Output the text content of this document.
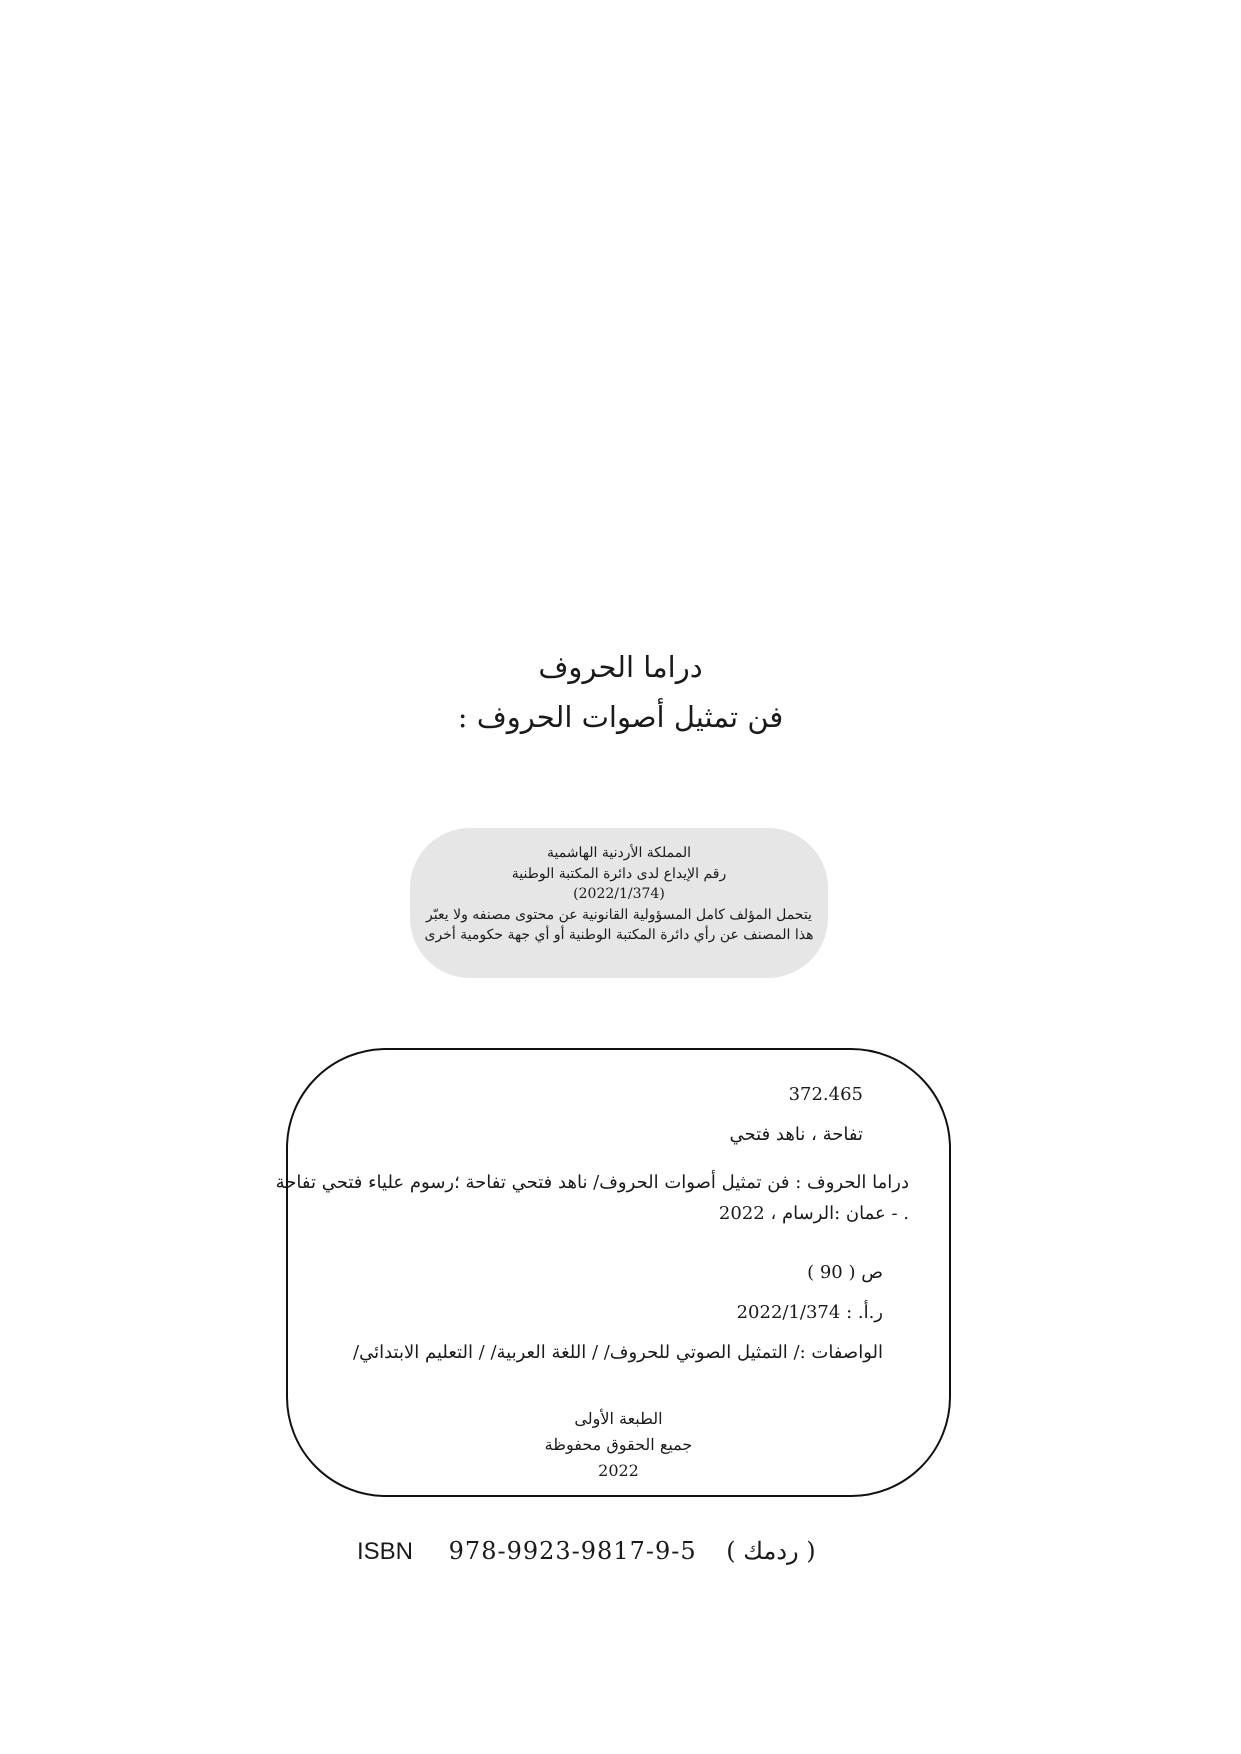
دراما الحروف
فن تمثيل أصوات الحروف :
المملكة الأردنية الهاشمية
رقم الإيداع لدى دائرة المكتبة الوطنية
(2022/1/374)
يتحمل المؤلف كامل المسؤولية القانونية عن محتوى مصنفه ولا يعبّر
هذا المصنف عن رأي دائرة المكتبة الوطنية أو أي جهة حكومية أخرى
372.465
تفاحة ، ناهد فتحي
دراما الحروف : فن تمثيل أصوات الحروف/ ناهد فتحي تفاحة ؛رسوم علياء فتحي تفاحة
. - عمان :الرسام ، 2022
ص ( 90 )
ر.أ. : 2022/1/374
الواصفات :/ التمثيل الصوتي للحروف/ / اللغة العربية/ / التعليم الابتدائي/
الطبعة الأولى
جميع الحقوق محفوظة
2022
ISBN 978-9923-9817-9-5 ( ردمك )
